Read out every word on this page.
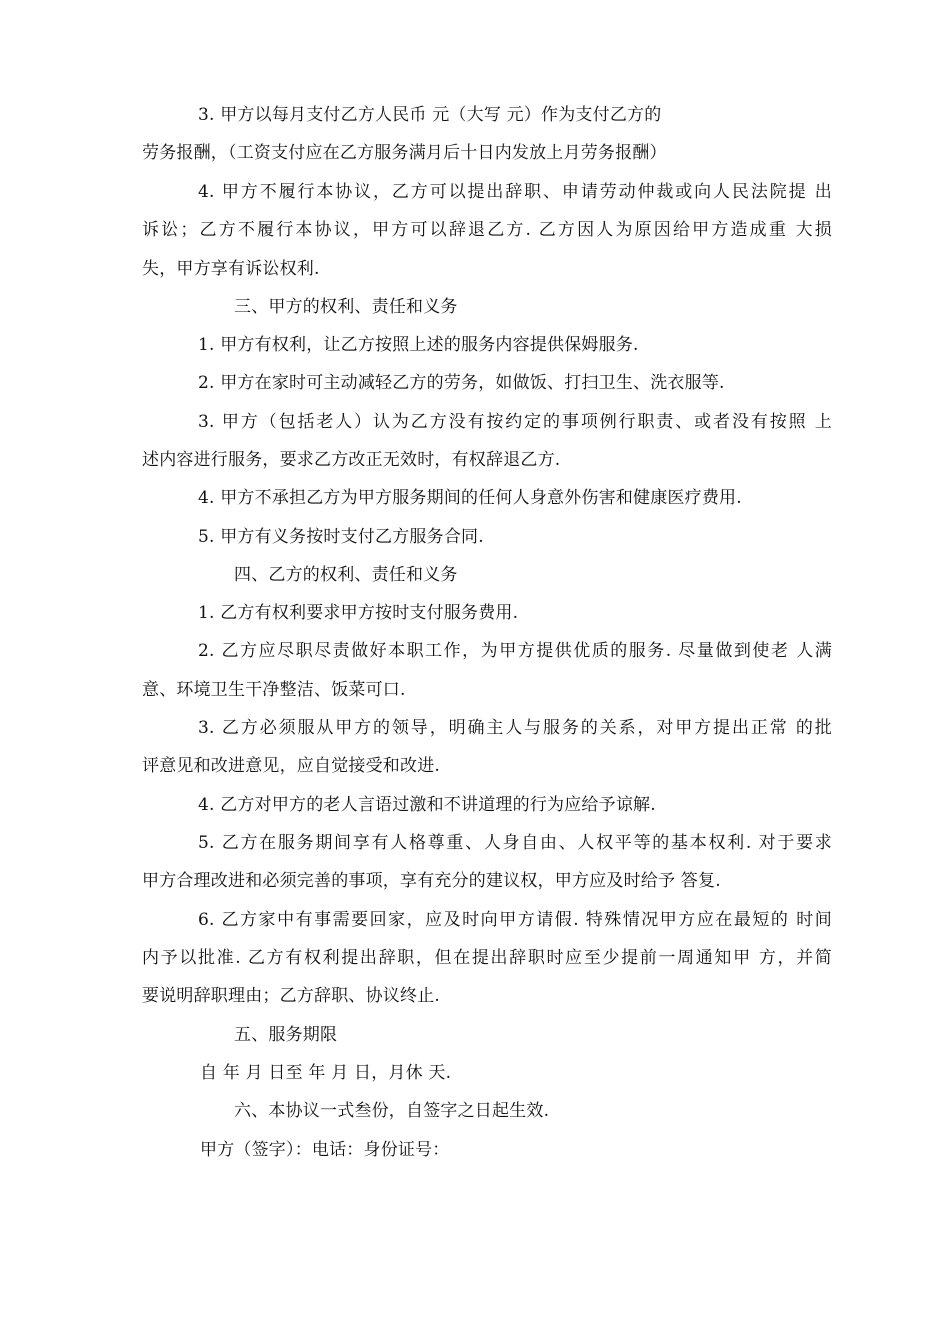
3. 甲方以每月支付乙方人民币 元（大写 元）作为支付乙方的
劳务报酬，（工资支付应在乙方服务满月后十日内发放上月劳务报酬）
4. 甲方不履行本协议，乙方可以提出辞职、申请劳动仲裁或向人民法院提 出
诉讼；乙方不履行本协议，甲方可以辞退乙方. 乙方因人为原因给甲方造成重 大损
失，甲方享有诉讼权利.
三、甲方的权利、责任和义务
1. 甲方有权利，让乙方按照上述的服务内容提供保姆服务.
2. 甲方在家时可主动减轻乙方的劳务，如做饭、打扫卫生、洗衣服等.
3. 甲方（包括老人）认为乙方没有按约定的事项例行职责、或者没有按照 上
述内容进行服务，要求乙方改正无效时，有权辞退乙方.
4. 甲方不承担乙方为甲方服务期间的任何人身意外伤害和健康医疗费用.
5. 甲方有义务按时支付乙方服务合同.
四、乙方的权利、责任和义务
1. 乙方有权利要求甲方按时支付服务费用.
2. 乙方应尽职尽责做好本职工作，为甲方提供优质的服务. 尽量做到使老 人满
意、环境卫生干净整洁、饭菜可口.
3. 乙方必须服从甲方的领导，明确主人与服务的关系，对甲方提出正常 的批
评意见和改进意见，应自觉接受和改进.
4. 乙方对甲方的老人言语过激和不讲道理的行为应给予谅解.
5. 乙方在服务期间享有人格尊重、人身自由、人权平等的基本权利. 对于要求
甲方合理改进和必须完善的事项，享有充分的建议权，甲方应及时给予 答复.
6. 乙方家中有事需要回家，应及时向甲方请假. 特殊情况甲方应在最短的 时间
内予以批准. 乙方有权利提出辞职，但在提出辞职时应至少提前一周通知甲 方，并简
要说明辞职理由；乙方辞职、协议终止.
五、服务期限
自 年 月 日至 年 月 日，月休 天.
六、本协议一式叁份，自签字之日起生效.
甲方（签字）：电话：身份证号：
